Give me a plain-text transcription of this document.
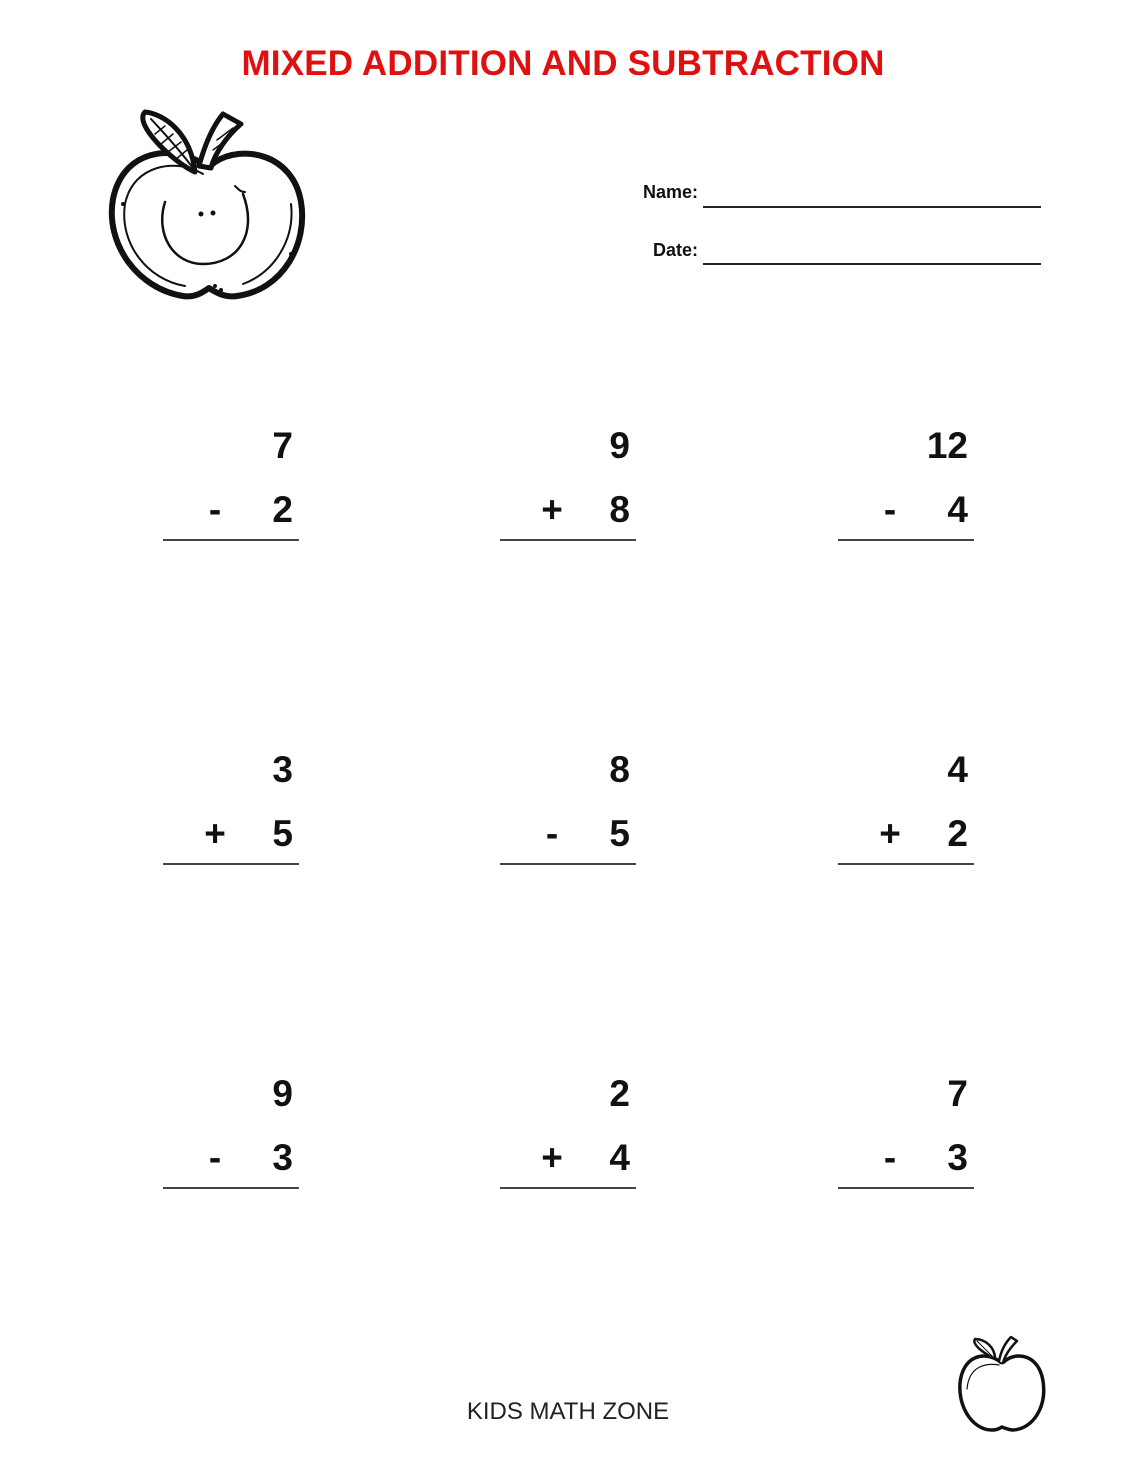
MIXED ADDITION AND SUBTRACTION
Name:
Date:
7
- 2
9
+ 8
12
- 4
3
+ 5
8
- 5
4
+ 2
9
- 3
2
+ 4
7
- 3
KIDS MATH ZONE
